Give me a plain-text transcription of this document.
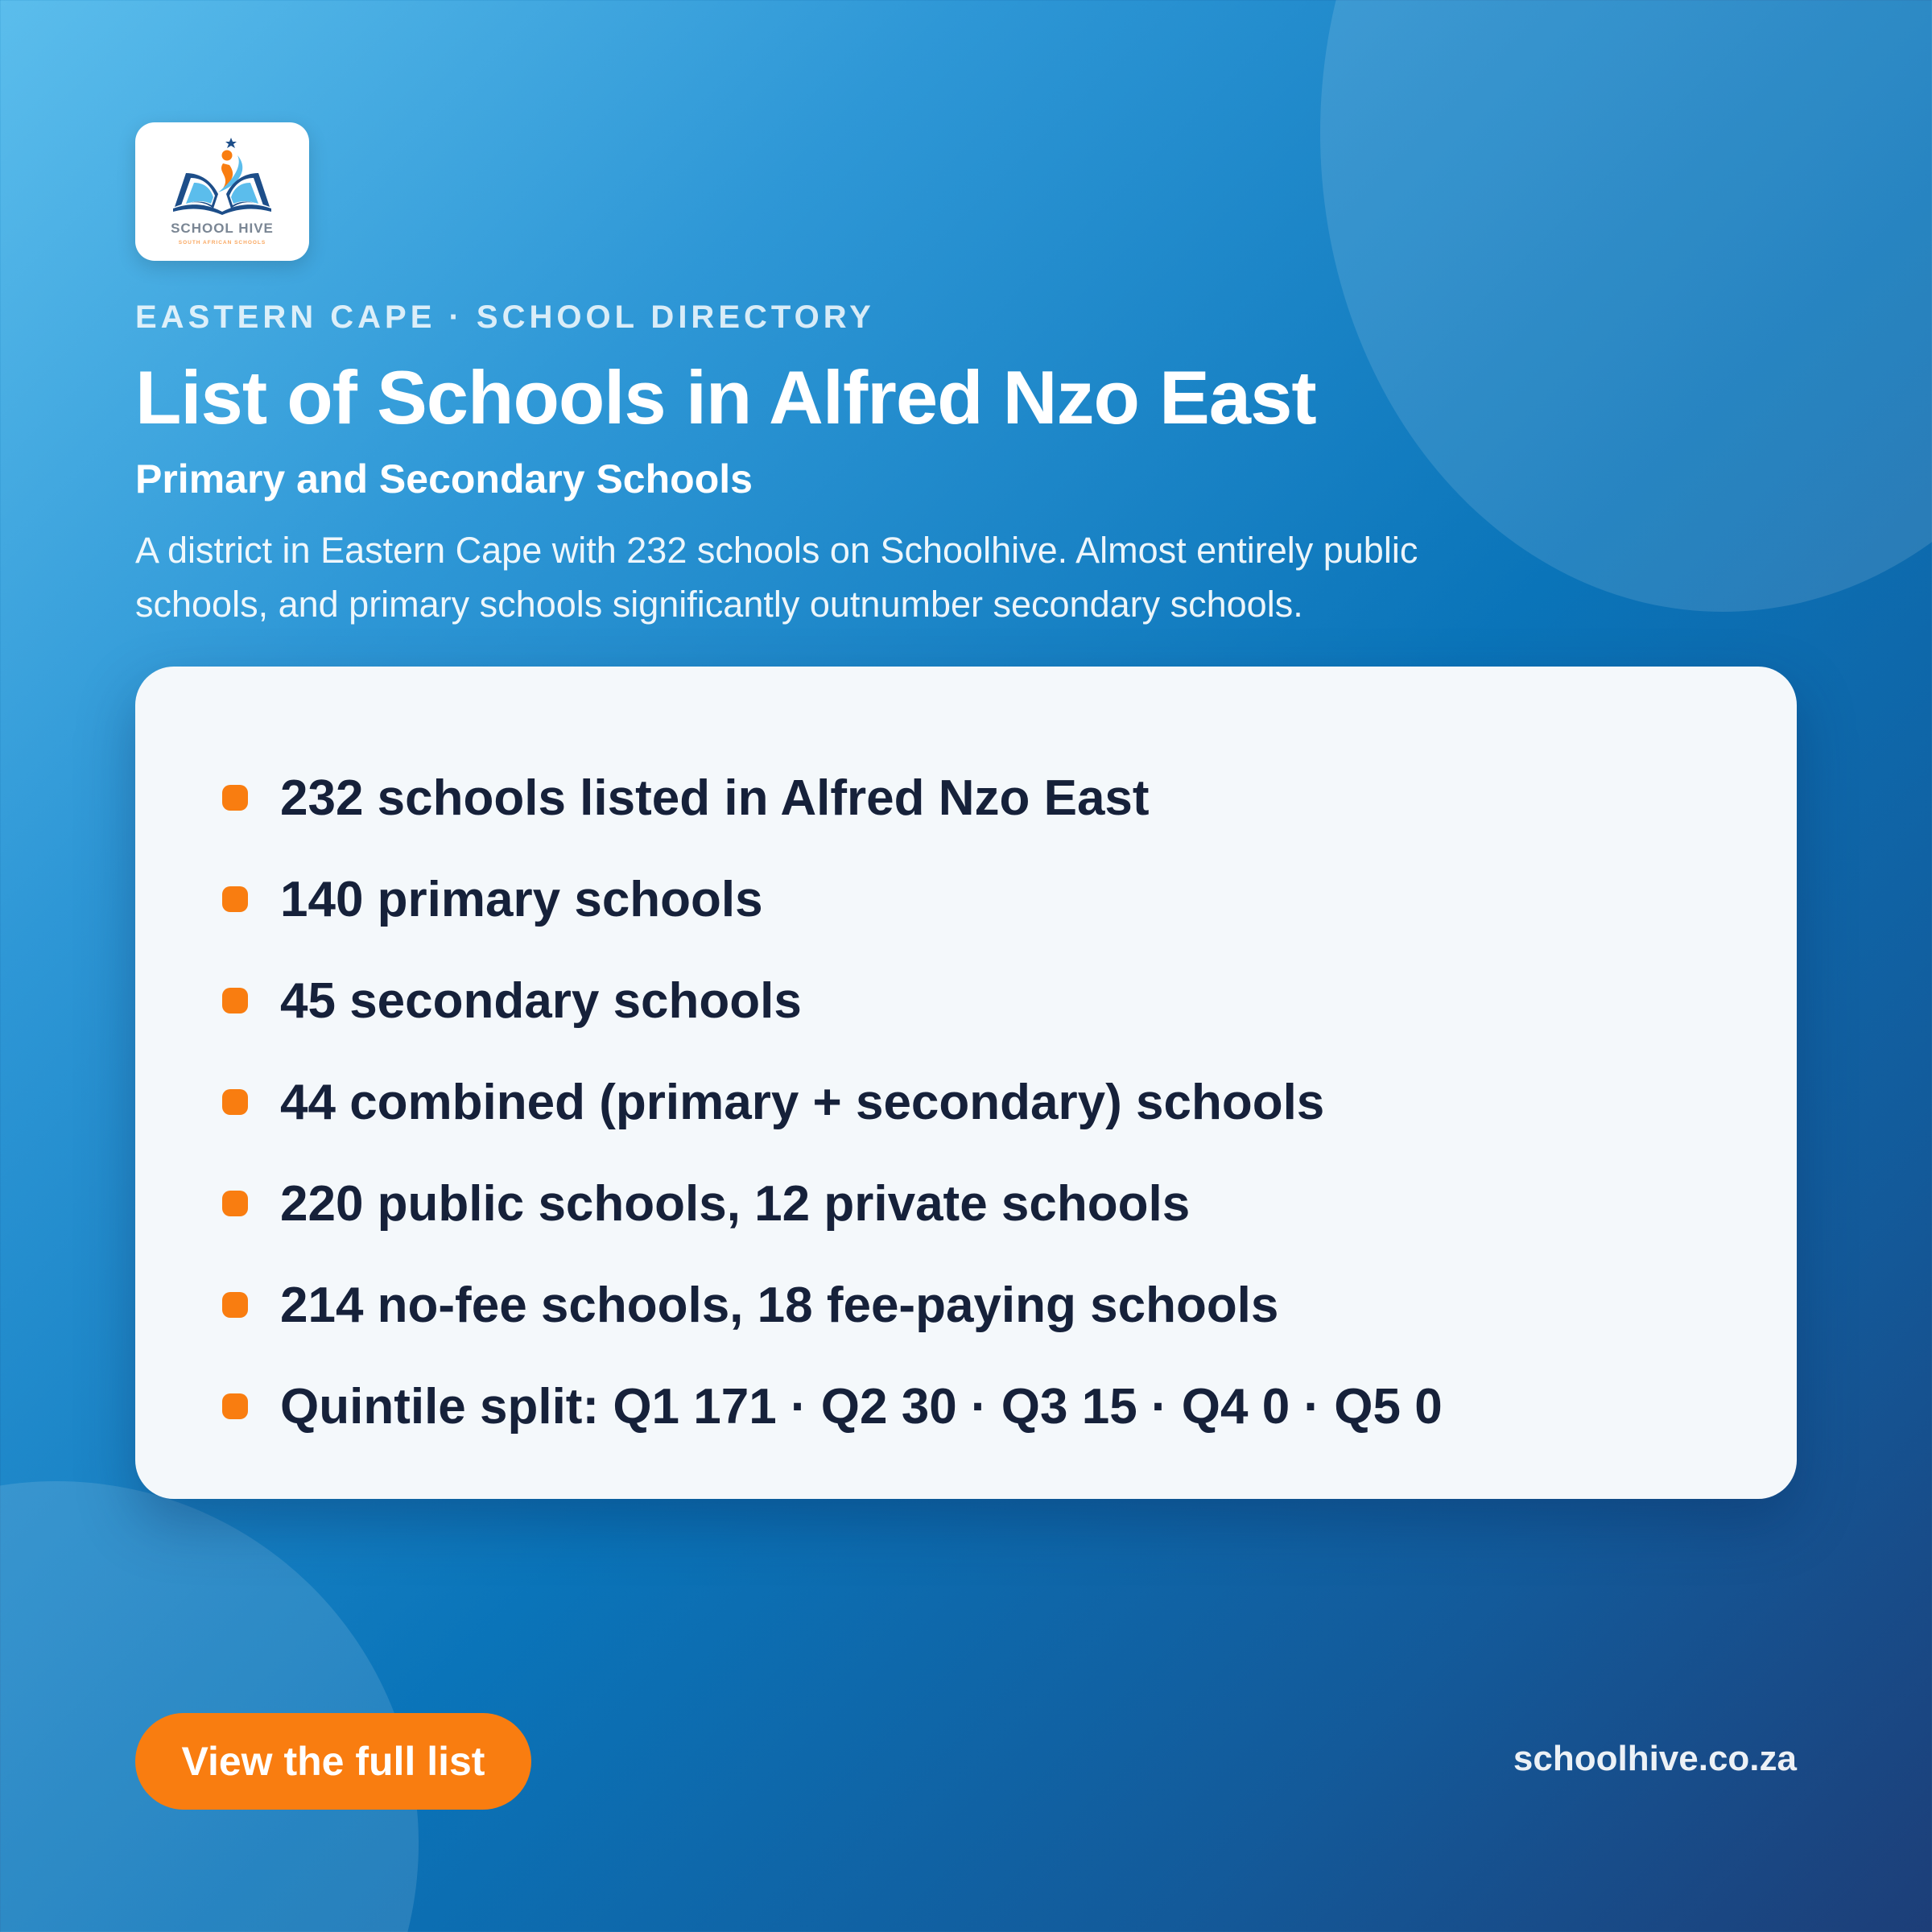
SCHOOL HIVE
SOUTH AFRICAN SCHOOLS
EASTERN CAPE · SCHOOL DIRECTORY
List of Schools in Alfred Nzo East
Primary and Secondary Schools

A district in Eastern Cape with 232 schools on Schoolhive. Almost entirely public schools, and primary schools significantly outnumber secondary schools.

232 schools listed in Alfred Nzo East
140 primary schools
45 secondary schools
44 combined (primary + secondary) schools
220 public schools, 12 private schools
214 no-fee schools, 18 fee-paying schools
Quintile split: Q1 171 · Q2 30 · Q3 15 · Q4 0 · Q5 0
View the full list	schoolhive.co.za
